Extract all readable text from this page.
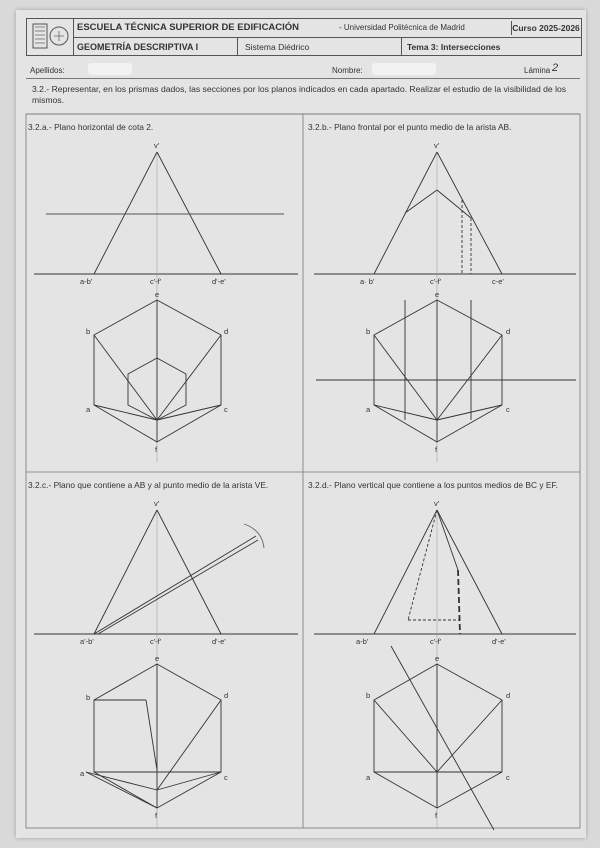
ESCUELA TÉCNICA SUPERIOR DE EDIFICACIÓN	- Universidad Politécnica de Madrid	Curso 2025-2026
GEOMETRÍA DESCRIPTIVA I	Sistema Diédrico	Tema 3: Intersecciones
Apellidos:	Nombre:	Lámina 2
3.2.- Representar, en los prismas dados, las secciones por los planos indicados en cada apartado. Realizar el estudio de la visibilidad de los mismos.
3.2.a.- Plano horizontal de cota 2.	3.2.b.- Plano frontal por el punto medio de la arista AB.
3.2.c.- Plano que contiene a AB y al punto medio de la arista VE.	3.2.d.- Plano vertical que contiene a los puntos medios de BC y EF.
v'
a-b'	c'-f'	d'-e'
e
d
c
b
a
f
v'
a· b'	c'-f'	c-e'
e
d
c
b
a
f
v'
a'-b'	c'-f'	d'-e'
e
d
c
b
a
f
v'
a-b'	c'-f'	d'-e'
e
d
c
b
a
f
